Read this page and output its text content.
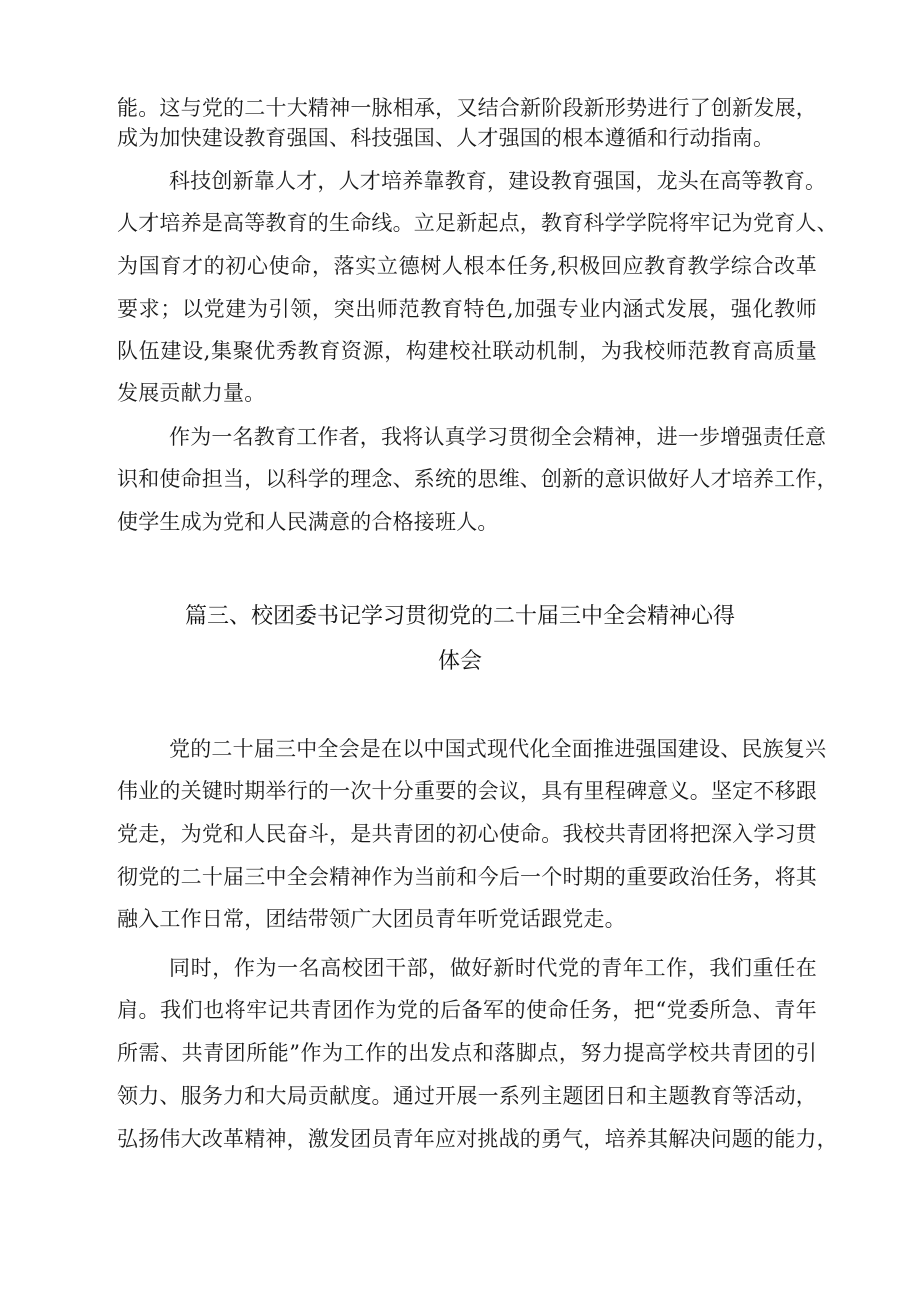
能。这与党的二十大精神一脉相承，又结合新阶段新形势进行了创新发展，
成为加快建设教育强国、科技强国、人才强国的根本遵循和行动指南。
科技创新靠人才，人才培养靠教育，建设教育强国，龙头在高等教育。
人才培养是高等教育的生命线。立足新起点，教育科学学院将牢记为党育人、
为国育才的初心使命，落实立德树人根本任务,积极回应教育教学综合改革
要求；以党建为引领，突出师范教育特色,加强专业内涵式发展，强化教师
队伍建设,集聚优秀教育资源，构建校社联动机制，为我校师范教育高质量
发展贡献力量。
作为一名教育工作者，我将认真学习贯彻全会精神，进一步增强责任意
识和使命担当，以科学的理念、系统的思维、创新的意识做好人才培养工作，
使学生成为党和人民满意的合格接班人。
篇三、校团委书记学习贯彻党的二十届三中全会精神心得
体会
党的二十届三中全会是在以中国式现代化全面推进强国建设、民族复兴
伟业的关键时期举行的一次十分重要的会议，具有里程碑意义。坚定不移跟
党走，为党和人民奋斗，是共青团的初心使命。我校共青团将把深入学习贯
彻党的二十届三中全会精神作为当前和今后一个时期的重要政治任务，将其
融入工作日常，团结带领广大团员青年听党话跟党走。
同时，作为一名高校团干部，做好新时代党的青年工作，我们重任在
肩。我们也将牢记共青团作为党的后备军的使命任务，把“党委所急、青年
所需、共青团所能”作为工作的出发点和落脚点，努力提高学校共青团的引
领力、服务力和大局贡献度。通过开展一系列主题团日和主题教育等活动，
弘扬伟大改革精神，激发团员青年应对挑战的勇气，培养其解决问题的能力，
